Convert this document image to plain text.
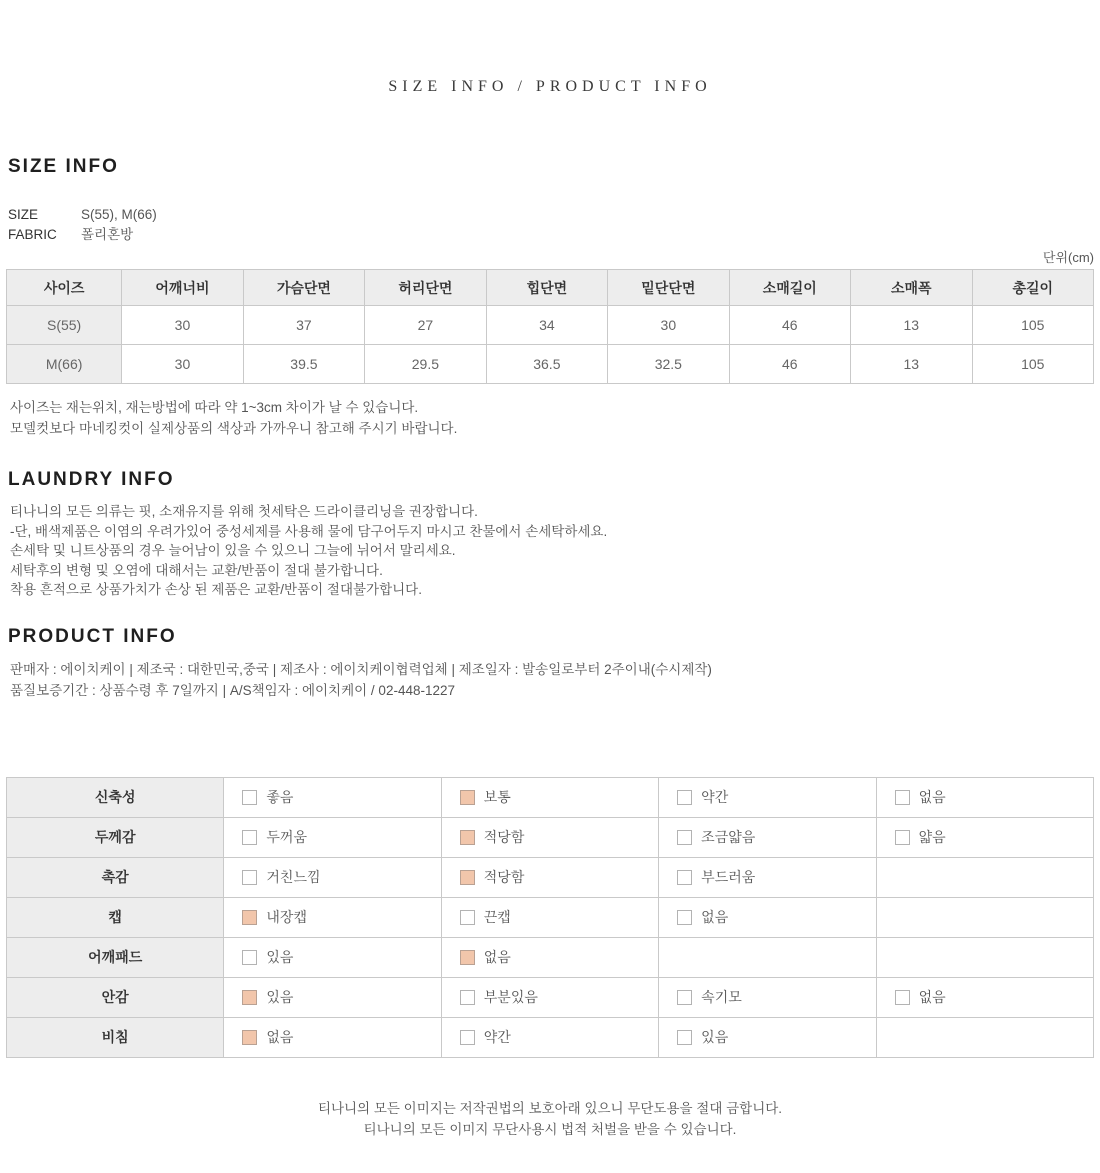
SIZE INFO / PRODUCT INFO
SIZE INFO
SIZE	S(55), M(66)
FABRIC	폴리혼방
단위(cm)
사이즈	어깨너비	가슴단면	허리단면	힙단면	밑단단면	소매길이	소매폭	총길이
S(55)	30	37	27	34	30	46	13	105
M(66)	30	39.5	29.5	36.5	32.5	46	13	105
사이즈는 재는위치, 재는방법에 따라 약 1~3cm 차이가 날 수 있습니다.
모델컷보다 마네킹컷이 실제상품의 색상과 가까우니 참고해 주시기 바랍니다.
LAUNDRY INFO
티나니의 모든 의류는 핏, 소재유지를 위해 첫세탁은 드라이클리닝을 권장합니다.
-단, 배색제품은 이염의 우려가있어 중성세제를 사용해 물에 담구어두지 마시고 찬물에서 손세탁하세요.
손세탁 및 니트상품의 경우 늘어남이 있을 수 있으니 그늘에 뉘어서 말리세요.
세탁후의 변형 및 오염에 대해서는 교환/반품이 절대 불가합니다.
착용 흔적으로 상품가치가 손상 된 제품은 교환/반품이 절대불가합니다.
PRODUCT INFO
판매자 : 에이치케이 | 제조국 : 대한민국,중국 | 제조사 : 에이치케이협력업체 | 제조일자 : 발송일로부터 2주이내(수시제작)
품질보증기간 : 상품수령 후 7일까지 | A/S책임자 : 에이치케이 / 02-448-1227
신축성	좋음	보통	약간	없음

두께감	두꺼움	적당함	조금얇음	얇음

촉감	거친느낌	적당함	부드러움	

캡	내장캡	끈캡	없음	

어깨패드	있음	없음		

안감	있음	부분있음	속기모	없음

비침	없음	약간	있음	

티나니의 모든 이미지는 저작권법의 보호아래 있으니 무단도용을 절대 금합니다.
티나니의 모든 이미지 무단사용시 법적 처벌을 받을 수 있습니다.
